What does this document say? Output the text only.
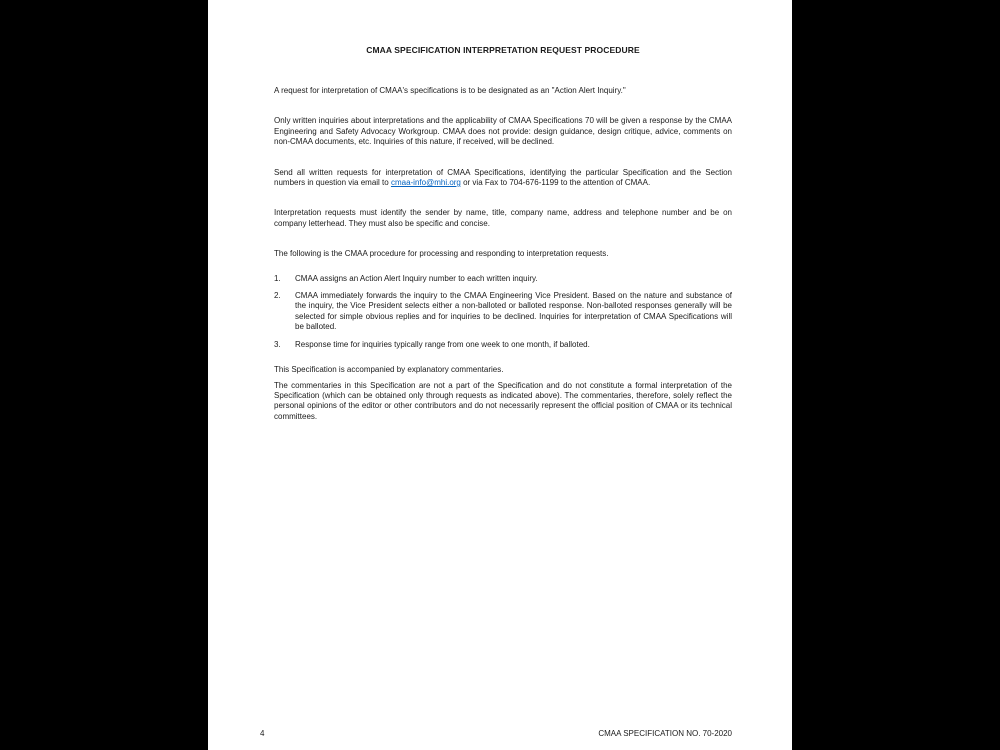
CMAA SPECIFICATION INTERPRETATION REQUEST PROCEDURE

A request for interpretation of CMAA's specifications is to be designated as an "Action Alert Inquiry."

Only written inquiries about interpretations and the applicability of CMAA Specifications 70 will be given a response by the CMAA Engineering and Safety Advocacy Workgroup. CMAA does not provide: design guidance, design critique, advice, comments on non-CMAA documents, etc. Inquiries of this nature, if received, will be declined.

Send all written requests for interpretation of CMAA Specifications, identifying the particular Specification and the Section numbers in question via email to cmaa-info@mhi.org or via Fax to 704-676-1199 to the attention of CMAA.

Interpretation requests must identify the sender by name, title, company name, address and telephone number and be on company letterhead. They must also be specific and concise.

The following is the CMAA procedure for processing and responding to interpretation requests.

1.	CMAA assigns an Action Alert Inquiry number to each written inquiry.
2.	CMAA immediately forwards the inquiry to the CMAA Engineering Vice President. Based on the nature and substance of the inquiry, the Vice President selects either a non-balloted or balloted response. Non-balloted responses generally will be selected for simple obvious replies and for inquiries to be declined. Inquiries for interpretation of CMAA Specifications will be balloted.
3.	Response time for inquiries typically range from one week to one month, if balloted.

This Specification is accompanied by explanatory commentaries.

The commentaries in this Specification are not a part of the Specification and do not constitute a formal interpretation of the Specification (which can be obtained only through requests as indicated above). The commentaries, therefore, solely reflect the personal opinions of the editor or other contributors and do not necessarily represent the official position of CMAA or its technical committees.

4	CMAA SPECIFICATION NO. 70-2020
